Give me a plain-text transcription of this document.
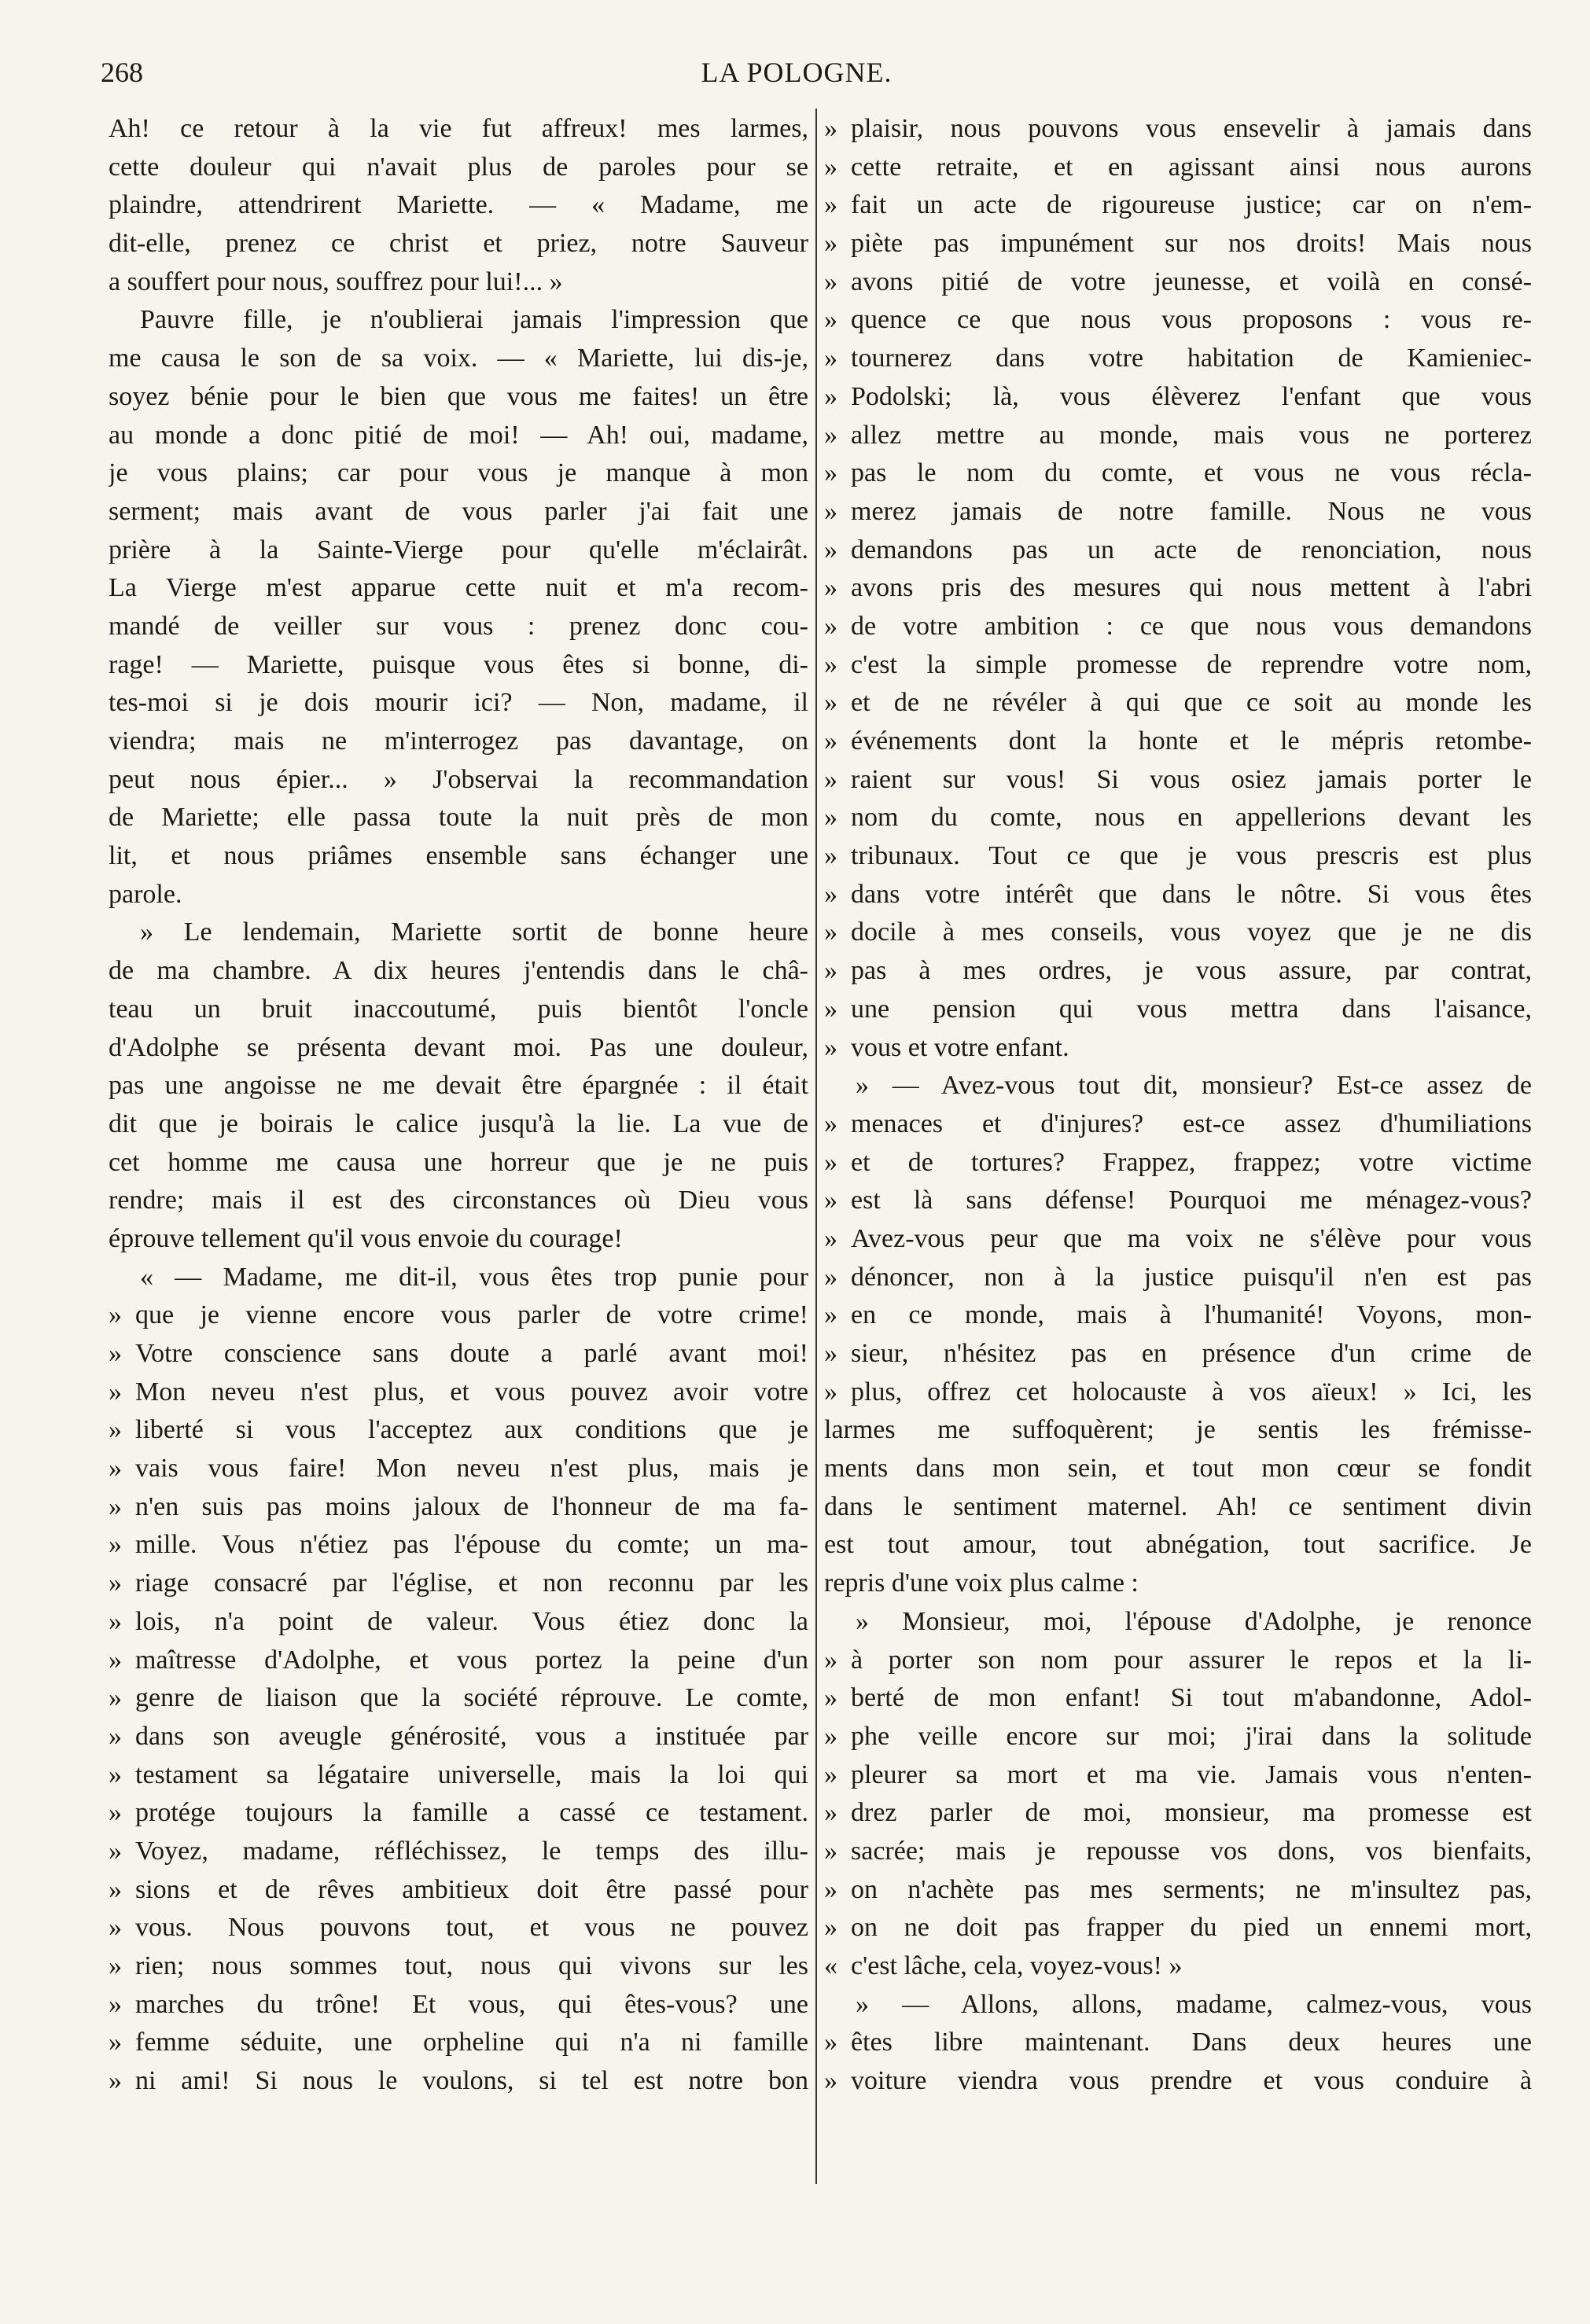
268	LA POLOGNE.
Ah! ce retour à la vie fut affreux! mes larmes,
cette douleur qui n'avait plus de paroles pour se
plaindre, attendrirent Mariette. — « Madame, me
dit-elle, prenez ce christ et priez, notre Sauveur
a souffert pour nous, souffrez pour lui!... »
Pauvre fille, je n'oublierai jamais l'impression que
me causa le son de sa voix. — « Mariette, lui dis-je,
soyez bénie pour le bien que vous me faites! un être
au monde a donc pitié de moi! — Ah! oui, madame,
je vous plains; car pour vous je manque à mon
serment; mais avant de vous parler j'ai fait une
prière à la Sainte-Vierge pour qu'elle m'éclairât.
La Vierge m'est apparue cette nuit et m'a recom-
mandé de veiller sur vous : prenez donc cou-
rage! — Mariette, puisque vous êtes si bonne, di-
tes-moi si je dois mourir ici? — Non, madame, il
viendra; mais ne m'interrogez pas davantage, on
peut nous épier... » J'observai la recommandation
de Mariette; elle passa toute la nuit près de mon
lit, et nous priâmes ensemble sans échanger une
parole.
» Le lendemain, Mariette sortit de bonne heure
de ma chambre. A dix heures j'entendis dans le châ-
teau un bruit inaccoutumé, puis bientôt l'oncle
d'Adolphe se présenta devant moi. Pas une douleur,
pas une angoisse ne me devait être épargnée : il était
dit que je boirais le calice jusqu'à la lie. La vue de
cet homme me causa une horreur que je ne puis
rendre; mais il est des circonstances où Dieu vous
éprouve tellement qu'il vous envoie du courage!
« — Madame, me dit-il, vous êtes trop punie pour
» que je vienne encore vous parler de votre crime!
» Votre conscience sans doute a parlé avant moi!
» Mon neveu n'est plus, et vous pouvez avoir votre
» liberté si vous l'acceptez aux conditions que je
» vais vous faire! Mon neveu n'est plus, mais je
» n'en suis pas moins jaloux de l'honneur de ma fa-
» mille. Vous n'étiez pas l'épouse du comte; un ma-
» riage consacré par l'église, et non reconnu par les
» lois, n'a point de valeur. Vous étiez donc la
» maîtresse d'Adolphe, et vous portez la peine d'un
» genre de liaison que la société réprouve. Le comte,
» dans son aveugle générosité, vous a instituée par
» testament sa légataire universelle, mais la loi qui
» protége toujours la famille a cassé ce testament.
» Voyez, madame, réfléchissez, le temps des illu-
» sions et de rêves ambitieux doit être passé pour
» vous. Nous pouvons tout, et vous ne pouvez
» rien; nous sommes tout, nous qui vivons sur les
» marches du trône! Et vous, qui êtes-vous? une
» femme séduite, une orpheline qui n'a ni famille
» ni ami! Si nous le voulons, si tel est notre bon
» plaisir, nous pouvons vous ensevelir à jamais dans
» cette retraite, et en agissant ainsi nous aurons
» fait un acte de rigoureuse justice; car on n'em-
» piète pas impunément sur nos droits! Mais nous
» avons pitié de votre jeunesse, et voilà en consé-
» quence ce que nous vous proposons : vous re-
» tournerez dans votre habitation de Kamieniec-
» Podolski; là, vous élèverez l'enfant que vous
» allez mettre au monde, mais vous ne porterez
» pas le nom du comte, et vous ne vous récla-
» merez jamais de notre famille. Nous ne vous
» demandons pas un acte de renonciation, nous
» avons pris des mesures qui nous mettent à l'abri
» de votre ambition : ce que nous vous demandons
» c'est la simple promesse de reprendre votre nom,
» et de ne révéler à qui que ce soit au monde les
» événements dont la honte et le mépris retombe-
» raient sur vous! Si vous osiez jamais porter le
» nom du comte, nous en appellerions devant les
» tribunaux. Tout ce que je vous prescris est plus
» dans votre intérêt que dans le nôtre. Si vous êtes
» docile à mes conseils, vous voyez que je ne dis
» pas à mes ordres, je vous assure, par contrat,
» une pension qui vous mettra dans l'aisance,
» vous et votre enfant.
» — Avez-vous tout dit, monsieur? Est-ce assez de
» menaces et d'injures? est-ce assez d'humiliations
» et de tortures? Frappez, frappez; votre victime
» est là sans défense! Pourquoi me ménagez-vous?
» Avez-vous peur que ma voix ne s'élève pour vous
» dénoncer, non à la justice puisqu'il n'en est pas
» en ce monde, mais à l'humanité! Voyons, mon-
» sieur, n'hésitez pas en présence d'un crime de
» plus, offrez cet holocauste à vos aïeux! » Ici, les
larmes me suffoquèrent; je sentis les frémisse-
ments dans mon sein, et tout mon cœur se fondit
dans le sentiment maternel. Ah! ce sentiment divin
est tout amour, tout abnégation, tout sacrifice. Je
repris d'une voix plus calme :
» Monsieur, moi, l'épouse d'Adolphe, je renonce
» à porter son nom pour assurer le repos et la li-
» berté de mon enfant! Si tout m'abandonne, Adol-
» phe veille encore sur moi; j'irai dans la solitude
» pleurer sa mort et ma vie. Jamais vous n'enten-
» drez parler de moi, monsieur, ma promesse est
» sacrée; mais je repousse vos dons, vos bienfaits,
» on n'achète pas mes serments; ne m'insultez pas,
» on ne doit pas frapper du pied un ennemi mort,
« c'est lâche, cela, voyez-vous! »
» — Allons, allons, madame, calmez-vous, vous
» êtes libre maintenant. Dans deux heures une
» voiture viendra vous prendre et vous conduire à
